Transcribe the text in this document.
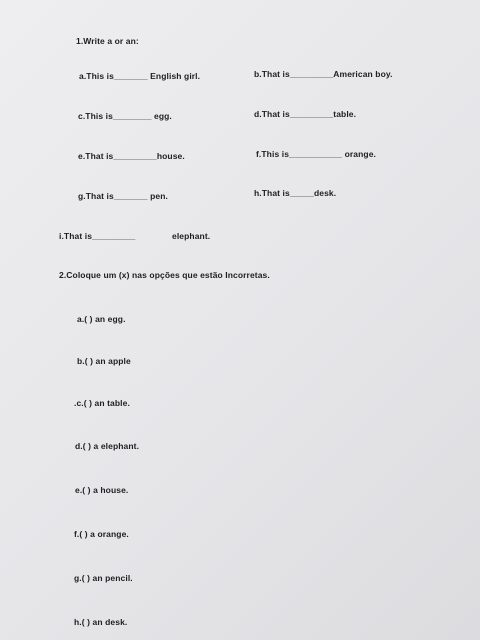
1.Write a or an:
a.This is_______ English girl.	b.That is_________American boy.
c.This is________ egg.	d.That is_________table.
e.That is_________house.	f.This is___________ orange.
g.That is_______ pen.	h.That is_____desk.
i.That is_________	elephant.
2.Coloque um (x) nas opções que estão Incorretas.
a.( ) an egg.
b.( ) an apple
.c.( ) an table.
d.( ) a elephant.
e.( ) a house.
f.( ) a orange.
g.( ) an pencil.
h.( ) an desk.
